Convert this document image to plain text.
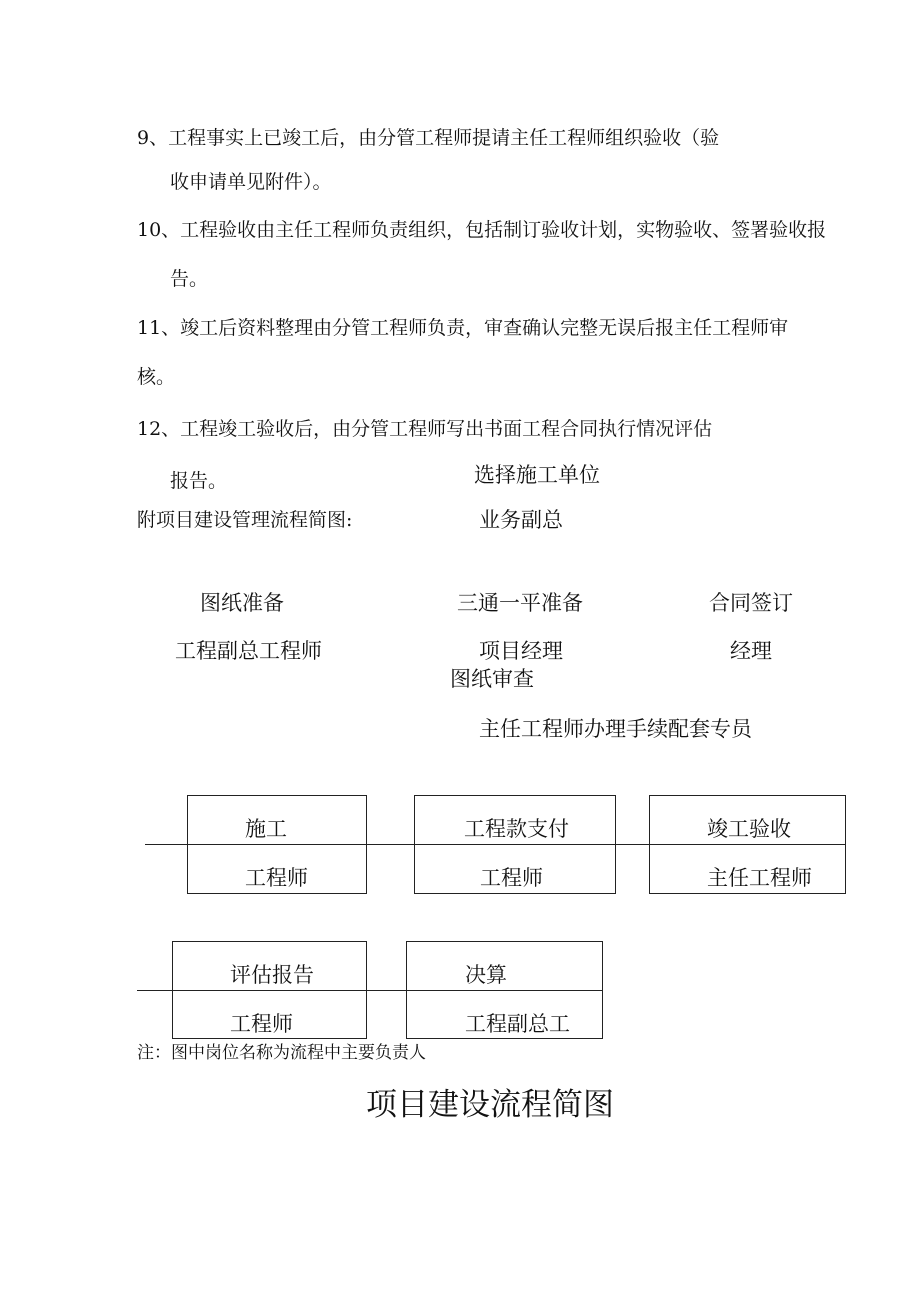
9、工程事实上已竣工后，由分管工程师提请主任工程师组织验收（验
收申请单见附件）。
10、工程验收由主任工程师负责组织，包括制订验收计划，实物验收、签署验收报
告。
11、竣工后资料整理由分管工程师负责，审查确认完整无误后报主任工程师审
核。
12、工程竣工验收后，由分管工程师写出书面工程合同执行情况评估
报告。
附项目建设管理流程简图:
选择施工单位
业务副总
图纸准备
工程副总工程师
三通一平准备
项目经理
合同签订
经理
图纸审查
主任工程师办理手续配套专员
施工
工程师
工程款支付
工程师
竣工验收
主任工程师
评估报告
工程师
决算
工程副总工
注：图中岗位名称为流程中主要负责人
项目建设流程简图
